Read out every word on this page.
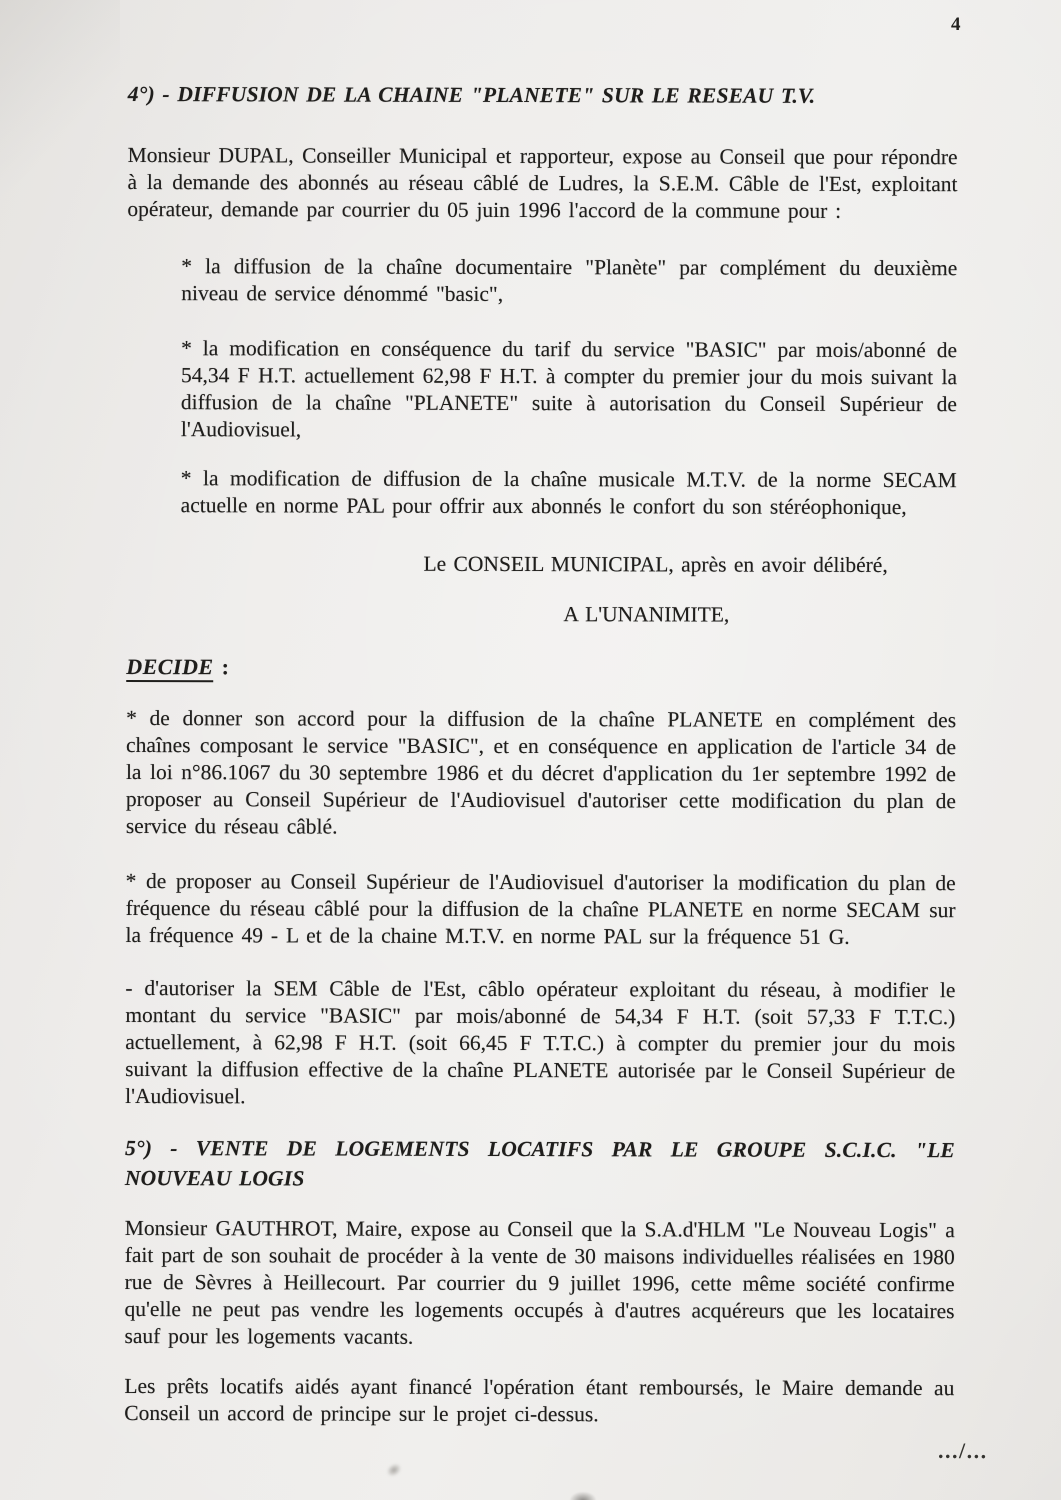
4
4°) - DIFFUSION DE LA CHAINE "PLANETE" SUR LE RESEAU T.V.

Monsieur DUPAL, Conseiller Municipal et rapporteur, expose au Conseil que pour répondre à la demande des abonnés au réseau câblé de Ludres, la S.E.M. Câble de l'Est, exploitant opérateur, demande par courrier du 05 juin 1996 l'accord de la commune pour :

* la diffusion de la chaîne documentaire "Planète" par complément du deuxième niveau de service dénommé "basic",

* la modification en conséquence du tarif du service "BASIC" par mois/abonné de 54,34 F H.T. actuellement 62,98 F H.T. à compter du premier jour du mois suivant la diffusion de la chaîne "PLANETE" suite à autorisation du Conseil Supérieur de l'Audiovisuel,

* la modification de diffusion de la chaîne musicale M.T.V. de la norme SECAM actuelle en norme PAL pour offrir aux abonnés le confort du son stéréophonique,

Le CONSEIL MUNICIPAL, après en avoir délibéré,

A L'UNANIMITE,

DECIDE :

* de donner son accord pour la diffusion de la chaîne PLANETE en complément des chaînes composant le service "BASIC", et en conséquence en application de l'article 34 de la loi n°86.1067 du 30 septembre 1986 et du décret d'application du 1er septembre 1992 de proposer au Conseil Supérieur de l'Audiovisuel d'autoriser cette modification du plan de service du réseau câblé.

* de proposer au Conseil Supérieur de l'Audiovisuel d'autoriser la modification du plan de fréquence du réseau câblé pour la diffusion de la chaîne PLANETE en norme SECAM sur la fréquence 49 - L et de la chaine M.T.V. en norme PAL sur la fréquence 51 G.

- d'autoriser la SEM Câble de l'Est, câblo opérateur exploitant du réseau, à modifier le montant du service "BASIC" par mois/abonné de 54,34 F H.T. (soit 57,33 F T.T.C.) actuellement, à 62,98 F H.T. (soit 66,45 F T.T.C.) à compter du premier jour du mois suivant la diffusion effective de la chaîne PLANETE autorisée par le Conseil Supérieur de l'Audiovisuel.

5°) - VENTE DE LOGEMENTS LOCATIFS PAR LE GROUPE S.C.I.C. "LE
NOUVEAU LOGIS

Monsieur GAUTHROT, Maire, expose au Conseil que la S.A.d'HLM "Le Nouveau Logis" a fait part de son souhait de procéder à la vente de 30 maisons individuelles réalisées en 1980 rue de Sèvres à Heillecourt. Par courrier du 9 juillet 1996, cette même société confirme qu'elle ne peut pas vendre les logements occupés à d'autres acquéreurs que les locataires sauf pour les logements vacants.

Les prêts locatifs aidés ayant financé l'opération étant remboursés, le Maire demande au Conseil un accord de principe sur le projet ci-dessus.

.../...
